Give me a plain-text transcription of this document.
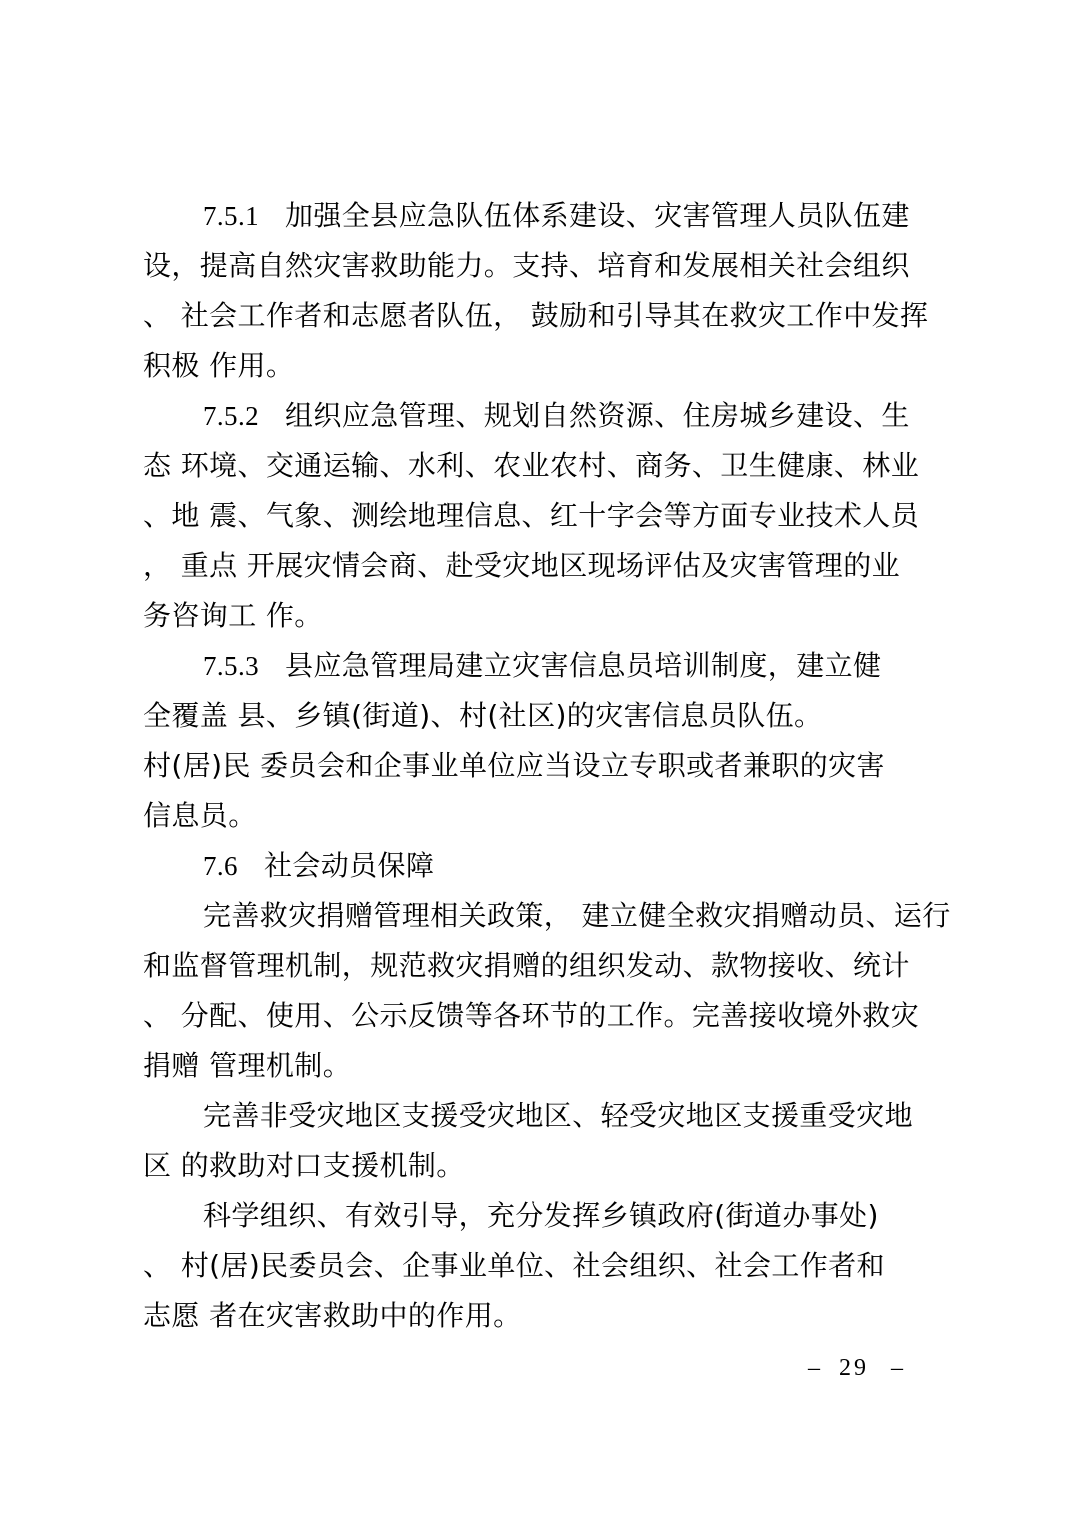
7.5.1 加强全县应急队伍体系建设、灾害管理人员队伍建
设，提高自然灾害救助能力。支持、培育和发展相关社会组织
、 社会工作者和志愿者队伍， 鼓励和引导其在救灾工作中发挥
积极 作用。
7.5.2 组织应急管理、规划自然资源、住房城乡建设、生
态 环境、交通运输、水利、农业农村、商务、卫生健康、林业
、地 震、气象、测绘地理信息、红十字会等方面专业技术人员
， 重点 开展灾情会商、赴受灾地区现场评估及灾害管理的业
务咨询工 作。
7.5.3 县应急管理局建立灾害信息员培训制度，建立健
全覆盖 县、乡镇(街道)、村(社区)的灾害信息员队伍。
村(居)民 委员会和企事业单位应当设立专职或者兼职的灾害
信息员。
7.6 社会动员保障
完善救灾捐赠管理相关政策， 建立健全救灾捐赠动员、运行
和监督管理机制，规范救灾捐赠的组织发动、款物接收、统计
、 分配、使用、公示反馈等各环节的工作。完善接收境外救灾
捐赠 管理机制。
完善非受灾地区支援受灾地区、轻受灾地区支援重受灾地
区 的救助对口支援机制。
科学组织、有效引导，充分发挥乡镇政府(街道办事处)
、 村(居)民委员会、企事业单位、社会组织、社会工作者和
志愿 者在灾害救助中的作用。
– 29 –
